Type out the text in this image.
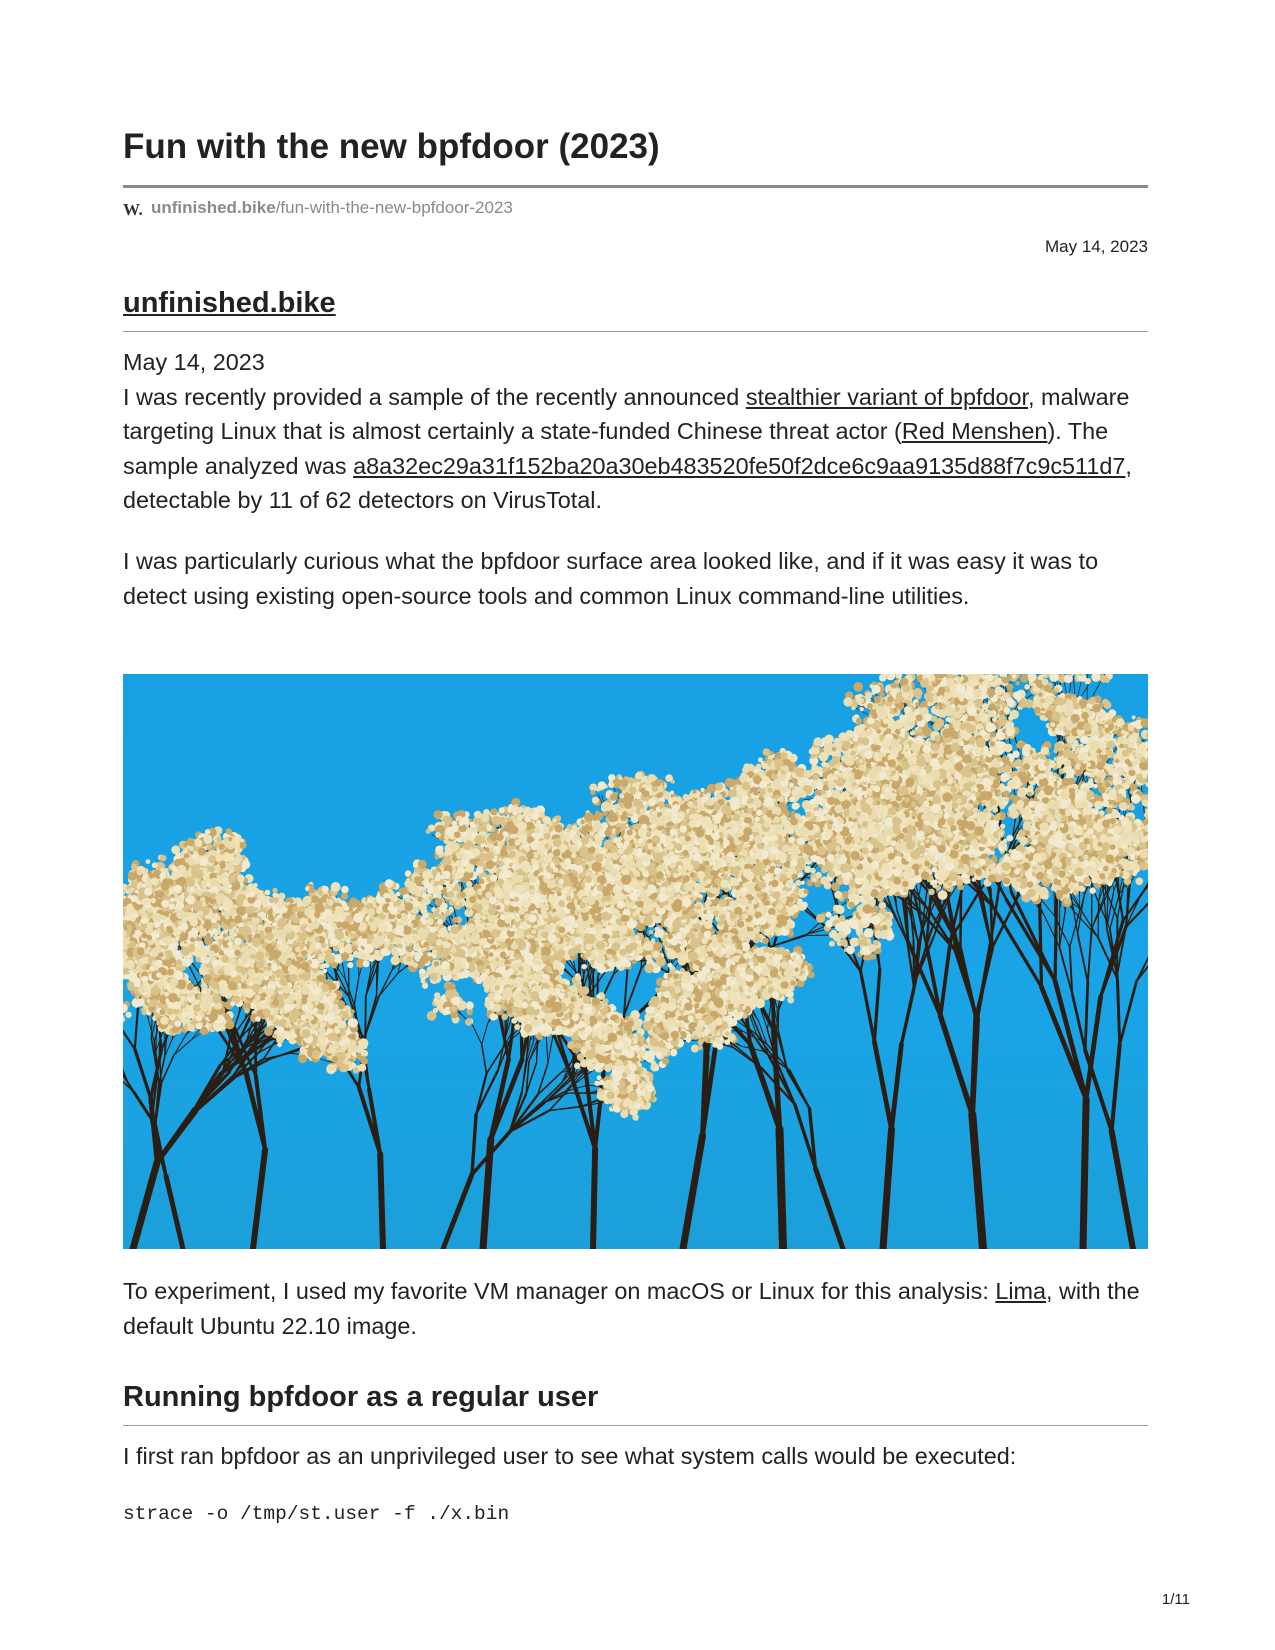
Fun with the new bpfdoor (2023)
W. unfinished.bike /fun-with-the-new-bpfdoor-2023
May 14, 2023
unfinished.bike

May 14, 2023

I was recently provided a sample of the recently announced stealthier variant of bpfdoor, malware targeting Linux that is almost certainly a state-funded Chinese threat actor (Red Menshen). The sample analyzed was a8a32ec29a31f152ba20a30eb483520fe50f2dce6c9aa9135d88f7c9c511d7, detectable by 11 of 62 detectors on VirusTotal.

I was particularly curious what the bpfdoor surface area looked like, and if it was easy it was to detect using existing open-source tools and common Linux command-line utilities.

To experiment, I used my favorite VM manager on macOS or Linux for this analysis: Lima, with the default Ubuntu 22.10 image.

Running bpfdoor as a regular user

I first ran bpfdoor as an unprivileged user to see what system calls would be executed:

strace -o /tmp/st.user -f ./x.bin
1/11
